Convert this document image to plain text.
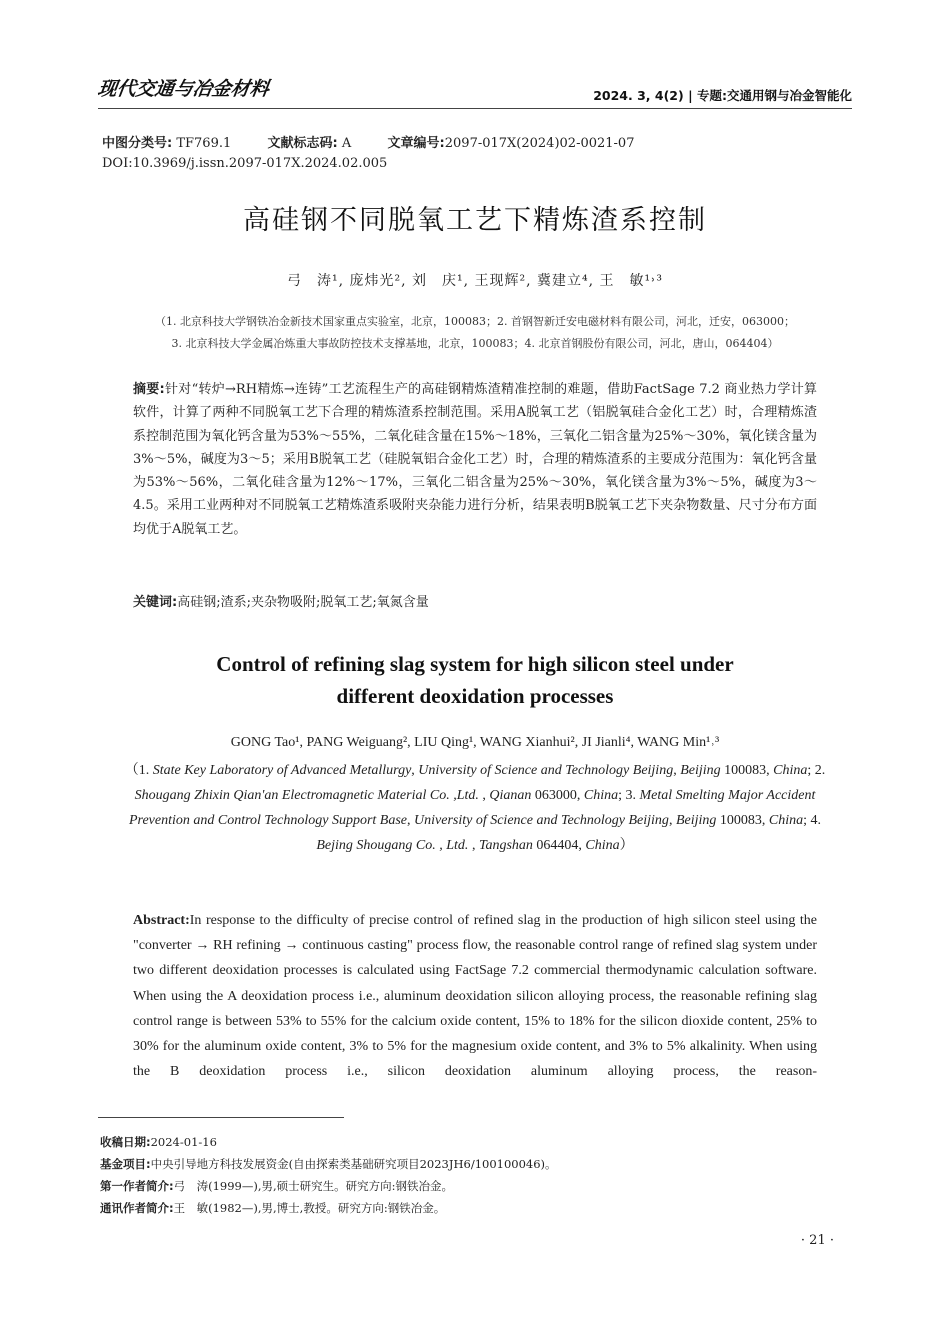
现代交通与冶金材料	2024. 3, 4(2) | 专题:交通用钢与冶金智能化
中图分类号: TF769.1	文献标志码: A	文章编号:2097-017X(2024)02-0021-07
DOI:10.3969/j.issn.2097-017X.2024.02.005
高硅钢不同脱氧工艺下精炼渣系控制
弓　涛¹, 庞炜光², 刘　庆¹, 王现辉², 冀建立⁴, 王　敏¹˒³
（1. 北京科技大学钢铁冶金新技术国家重点实验室，北京，100083；2. 首钢智新迁安电磁材料有限公司，河北，迁安，063000；
3. 北京科技大学金属冶炼重大事故防控技术支撑基地，北京，100083；4. 北京首钢股份有限公司，河北，唐山，064404）
摘要:针对“转炉→RH精炼→连铸”工艺流程生产的高硅钢精炼渣精准控制的难题，借助FactSage 7.2 商业热力学计算软件，计算了两种不同脱氧工艺下合理的精炼渣系控制范围。采用A脱氧工艺（铝脱氧硅合金化工艺）时，合理精炼渣系控制范围为氧化钙含量为53%～55%，二氧化硅含量在15%～18%，三氧化二铝含量为25%～30%，氧化镁含量为3%～5%，碱度为3～5；采用B脱氧工艺（硅脱氧铝合金化工艺）时，合理的精炼渣系的主要成分范围为：氧化钙含量为53%～56%，二氧化硅含量为12%～17%，三氧化二铝含量为25%～30%，氧化镁含量为3%～5%，碱度为3～4.5。采用工业两种对不同脱氧工艺精炼渣系吸附夹杂能力进行分析，结果表明B脱氧工艺下夹杂物数量、尺寸分布方面均优于A脱氧工艺。
关键词:高硅钢;渣系;夹杂物吸附;脱氧工艺;氧氮含量
Control of refining slag system for high silicon steel under
different deoxidation processes
GONG Tao¹, PANG Weiguang², LIU Qing¹, WANG Xianhui², JI Jianli⁴, WANG Min¹˒³
（1. State Key Laboratory of Advanced Metallurgy, University of Science and Technology Beijing, Beijing 100083, China; 2. Shougang Zhixin Qian'an Electromagnetic Material Co. ,Ltd. , Qianan 063000, China; 3. Metal Smelting Major Accident Prevention and Control Technology Support Base, University of Science and Technology Beijing, Beijing 100083, China; 4. Bejing Shougang Co. , Ltd. , Tangshan 064404, China）
Abstract:In response to the difficulty of precise control of refined slag in the production of high silicon steel using the "converter → RH refining → continuous casting" process flow, the reasonable control range of refined slag system under two different deoxidation processes is calculated using FactSage 7.2 commercial thermodynamic calculation software. When using the A deoxidation process i.e., aluminum deoxidation silicon alloying process, the reasonable refining slag control range is between 53% to 55% for the calcium oxide content, 15% to 18% for the silicon dioxide content, 25% to 30% for the aluminum oxide content, 3% to 5% for the magnesium oxide content, and 3% to 5% alkalinity. When using the B deoxidation process i.e., silicon deoxidation aluminum alloying process, the reason-
收稿日期:2024-01-16
基金项目:中央引导地方科技发展资金(自由探索类基础研究项目2023JH6/100100046)。
第一作者简介:弓　涛(1999—),男,硕士研究生。研究方向:钢铁冶金。
通讯作者简介:王　敏(1982—),男,博士,教授。研究方向:钢铁冶金。
· 21 ·
